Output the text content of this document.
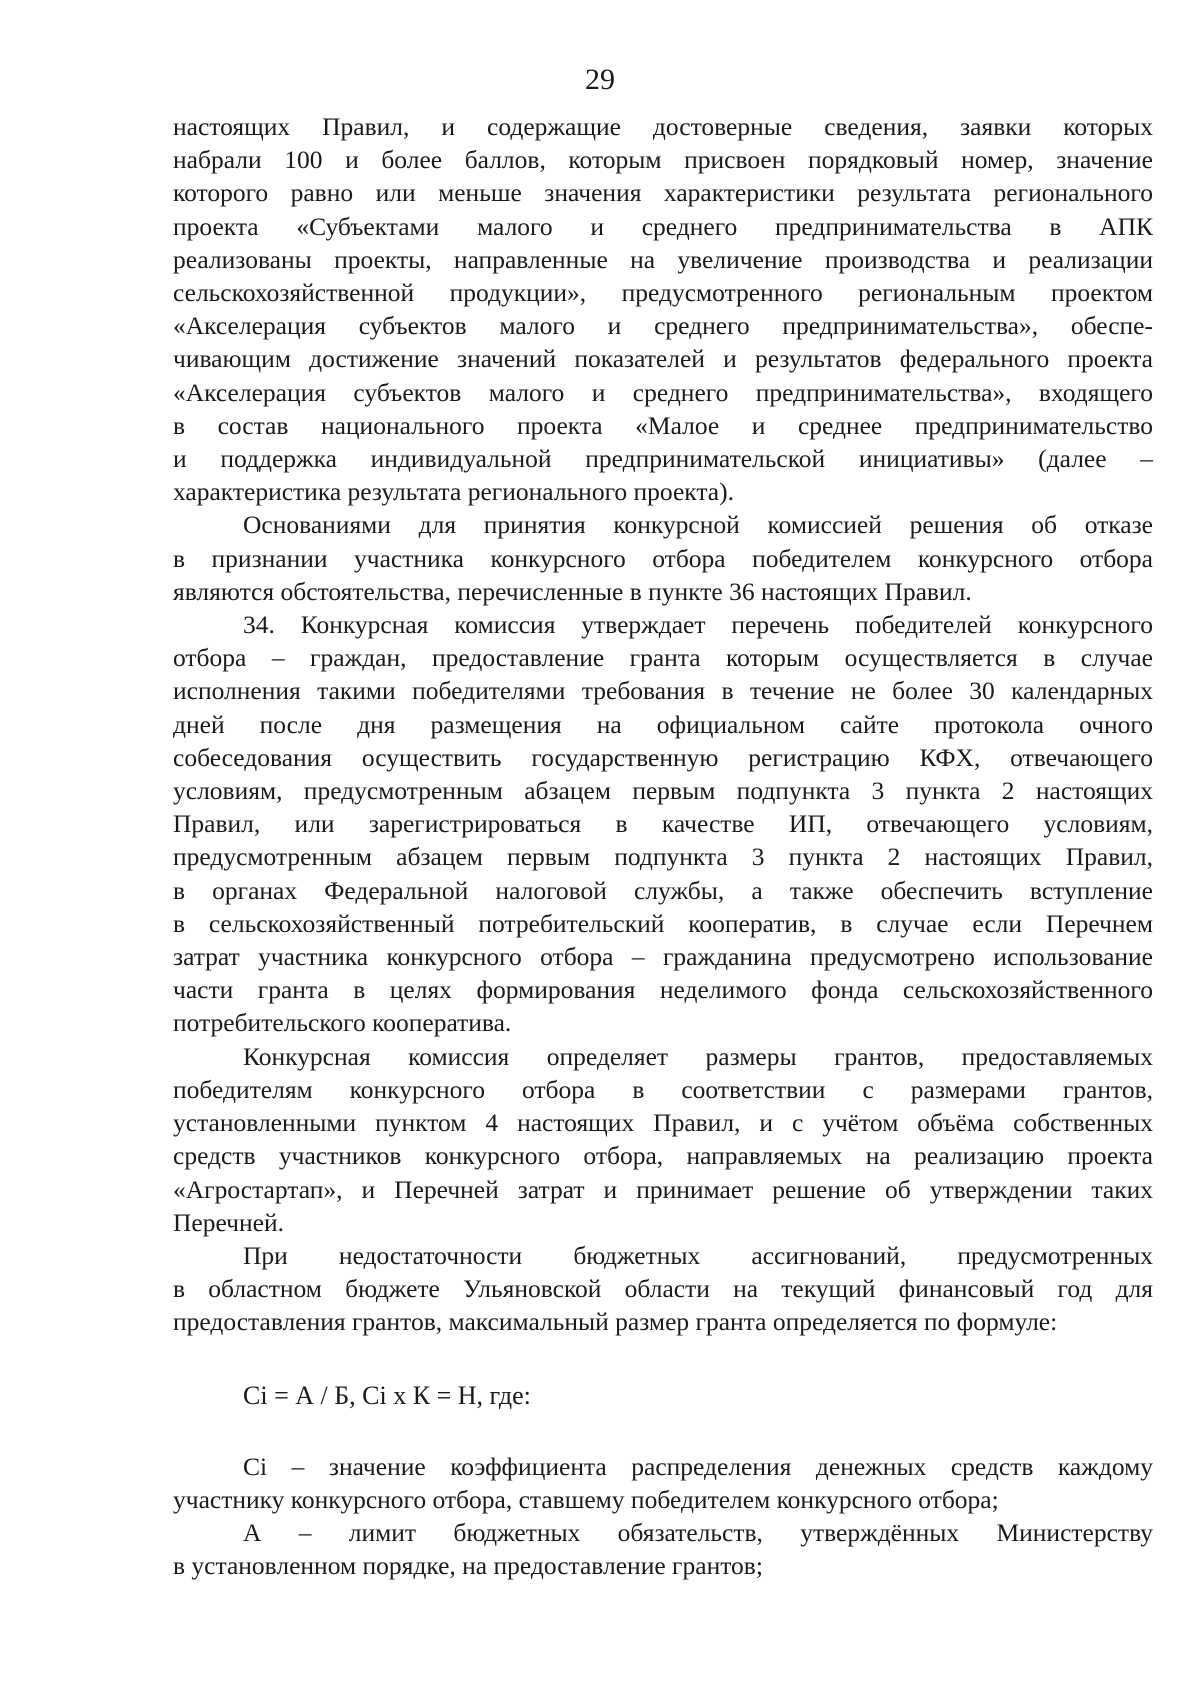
29

настоящих Правил, и содержащие достоверные сведения, заявки которых
набрали 100 и более баллов, которым присвоен порядковый номер, значение
которого равно или меньше значения характеристики результата регионального
проекта «Субъектами малого и среднего предпринимательства в АПК
реализованы проекты, направленные на увеличение производства и реализации
сельскохозяйственной продукции», предусмотренного региональным проектом
«Акселерация субъектов малого и среднего предпринимательства», обеспе-
чивающим достижение значений показателей и результатов федерального проекта
«Акселерация субъектов малого и среднего предпринимательства», входящего
в состав национального проекта «Малое и среднее предпринимательство
и поддержка индивидуальной предпринимательской инициативы» (далее –
характеристика результата регионального проекта).

Основаниями для принятия конкурсной комиссией решения об отказе
в признании участника конкурсного отбора победителем конкурсного отбора
являются обстоятельства, перечисленные в пункте 36 настоящих Правил.

34. Конкурсная комиссия утверждает перечень победителей конкурсного
отбора – граждан, предоставление гранта которым осуществляется в случае
исполнения такими победителями требования в течение не более 30 календарных
дней после дня размещения на официальном сайте протокола очного
собеседования осуществить государственную регистрацию КФХ, отвечающего
условиям, предусмотренным абзацем первым подпункта 3 пункта 2 настоящих
Правил, или зарегистрироваться в качестве ИП, отвечающего условиям,
предусмотренным абзацем первым подпункта 3 пункта 2 настоящих Правил,
в органах Федеральной налоговой службы, а также обеспечить вступление
в сельскохозяйственный потребительский кооператив, в случае если Перечнем
затрат участника конкурсного отбора – гражданина предусмотрено использование
части гранта в целях формирования неделимого фонда сельскохозяйственного
потребительского кооператива.

Конкурсная комиссия определяет размеры грантов, предоставляемых
победителям конкурсного отбора в соответствии с размерами грантов,
установленными пунктом 4 настоящих Правил, и с учётом объёма собственных
средств участников конкурсного отбора, направляемых на реализацию проекта
«Агростартап», и Перечней затрат и принимает решение об утверждении таких
Перечней.

При недостаточности бюджетных ассигнований, предусмотренных
в областном бюджете Ульяновской области на текущий финансовый год для
предоставления грантов, максимальный размер гранта определяется по формуле:

Ci = А / Б, Ci x К = Н, где:

Ci – значение коэффициента распределения денежных средств каждому
участнику конкурсного отбора, ставшему победителем конкурсного отбора;

А – лимит бюджетных обязательств, утверждённых Министерству
в установленном порядке, на предоставление грантов;
